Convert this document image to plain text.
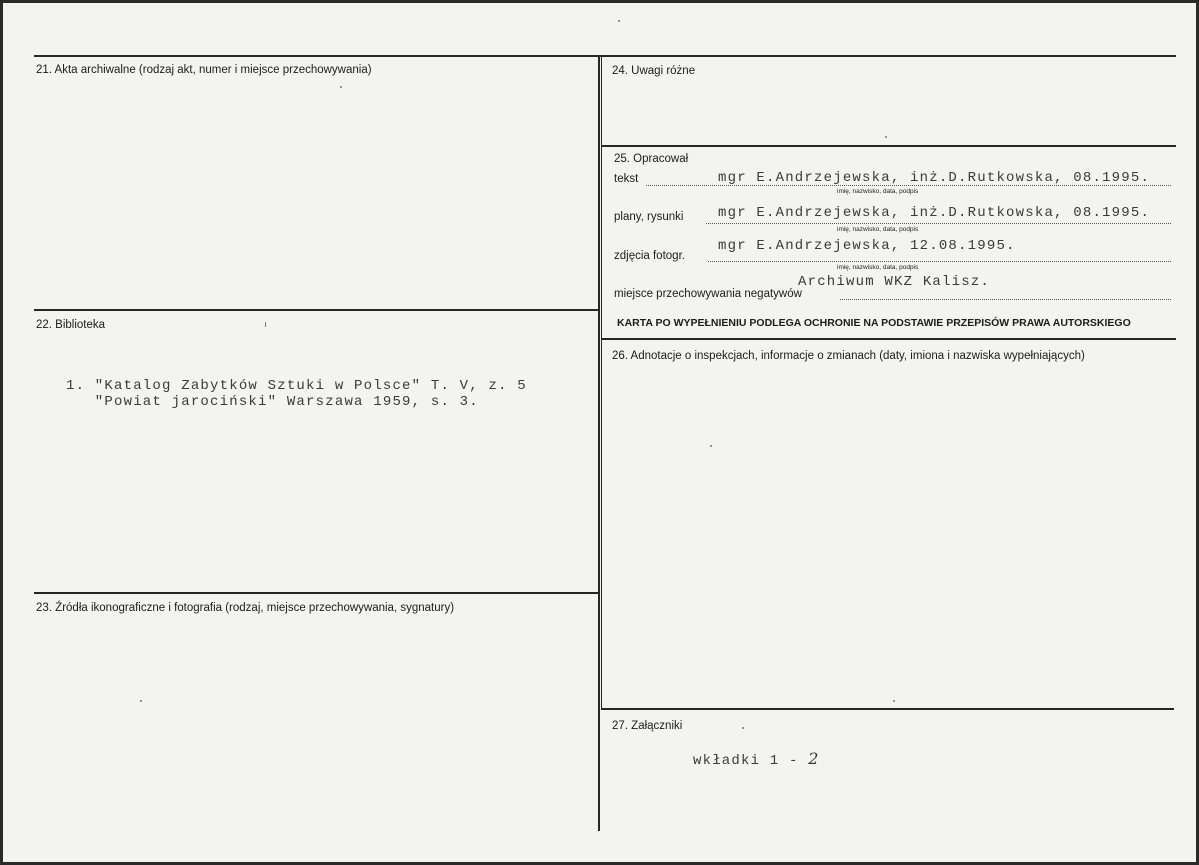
21. Akta archiwalne (rodzaj akt, numer i miejsce przechowywania)
22. Biblioteka
1. "Katalog Zabytków Sztuki w Polsce" T. V, z. 5
"Powiat jarociński" Warszawa 1959, s. 3.
23. Źródła ikonograficzne i fotografia (rodzaj, miejsce przechowywania, sygnatury)
24. Uwagi różne
25. Opracował
tekst	mgr E.Andrzejewska, inż.D.Rutkowska, 08.1995.
imię, nazwisko, data, podpis
plany, rysunki mgr E.Andrzejewska, inż.D.Rutkowska, 08.1995.
imię, nazwisko, data, podpis
zdjęcia fotogr.
mgr E.Andrzejewska, 12.08.1995.
imię, nazwisko, data, podpis
miejsce przechowywania negatywów
Archiwum WKZ Kalisz.
KARTA PO WYPEŁNIENIU PODLEGA OCHRONIE NA PODSTAWIE PRZEPISÓW PRAWA AUTORSKIEGO
26. Adnotacje o inspekcjach, informacje o zmianach (daty, imiona i nazwiska wypełniających)
27. Załączniki
wkładki 1 - 2
